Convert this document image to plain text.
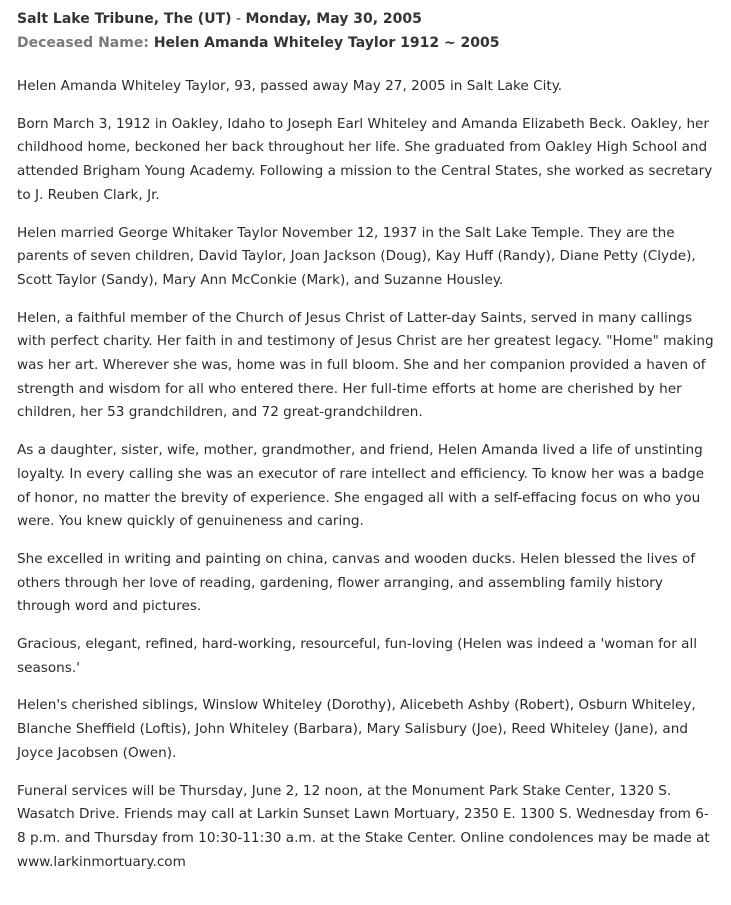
Salt Lake Tribune, The (UT) - Monday, May 30, 2005
Deceased Name: Helen Amanda Whiteley Taylor 1912 ~ 2005

Helen Amanda Whiteley Taylor, 93, passed away May 27, 2005 in Salt Lake City.

Born March 3, 1912 in Oakley, Idaho to Joseph Earl Whiteley and Amanda Elizabeth Beck. Oakley, her childhood home, beckoned her back throughout her life. She graduated from Oakley High School and attended Brigham Young Academy. Following a mission to the Central States, she worked as secretary to J. Reuben Clark, Jr.

Helen married George Whitaker Taylor November 12, 1937 in the Salt Lake Temple. They are the parents of seven children, David Taylor, Joan Jackson (Doug), Kay Huff (Randy), Diane Petty (Clyde), Scott Taylor (Sandy), Mary Ann McConkie (Mark), and Suzanne Housley.

Helen, a faithful member of the Church of Jesus Christ of Latter-day Saints, served in many callings with perfect charity. Her faith in and testimony of Jesus Christ are her greatest legacy. "Home" making was her art. Wherever she was, home was in full bloom. She and her companion provided a haven of strength and wisdom for all who entered there. Her full-time efforts at home are cherished by her children, her 53 grandchildren, and 72 great-grandchildren.

As a daughter, sister, wife, mother, grandmother, and friend, Helen Amanda lived a life of unstinting loyalty. In every calling she was an executor of rare intellect and efficiency. To know her was a badge of honor, no matter the brevity of experience. She engaged all with a self-effacing focus on who you were. You knew quickly of genuineness and caring.

She excelled in writing and painting on china, canvas and wooden ducks. Helen blessed the lives of others through her love of reading, gardening, flower arranging, and assembling family history through word and pictures.

Gracious, elegant, refined, hard-working, resourceful, fun-loving (Helen was indeed a 'woman for all seasons.'

Helen's cherished siblings, Winslow Whiteley (Dorothy), Alicebeth Ashby (Robert), Osburn Whiteley, Blanche Sheffield (Loftis), John Whiteley (Barbara), Mary Salisbury (Joe), Reed Whiteley (Jane), and Joyce Jacobsen (Owen).

Funeral services will be Thursday, June 2, 12 noon, at the Monument Park Stake Center, 1320 S. Wasatch Drive. Friends may call at Larkin Sunset Lawn Mortuary, 2350 E. 1300 S. Wednesday from 6-8 p.m. and Thursday from 10:30-11:30 a.m. at the Stake Center. Online condolences may be made at www.larkinmortuary.com
